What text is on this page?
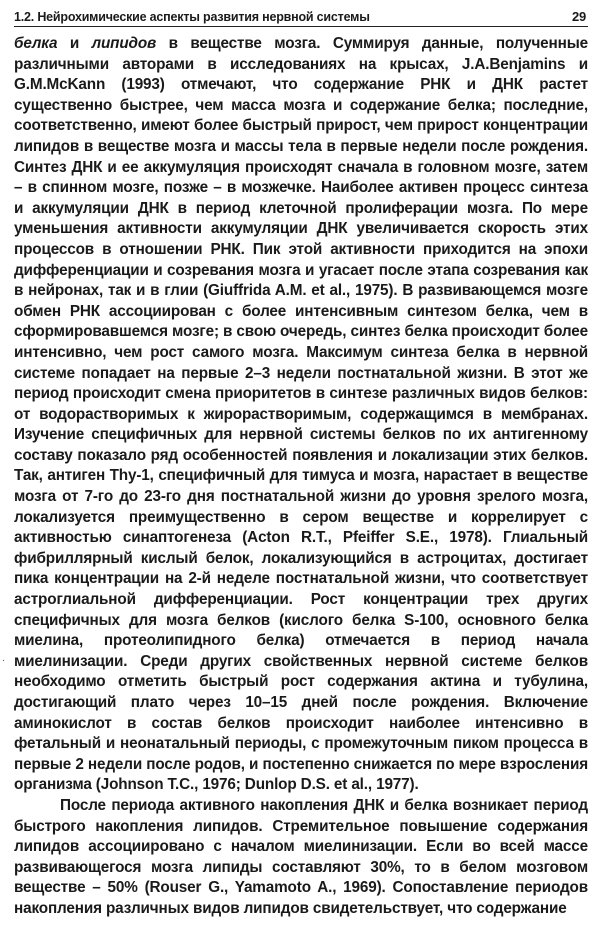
1.2. Нейрохимические аспекты развития нервной системы	29

белка и липидов в веществе мозга. Суммируя данные, полученные различными авторами в исследованиях на крысах, J.A.Benjamins и G.M.McKann (1993) отмечают, что содержание РНК и ДНК растет существенно быстрее, чем масса мозга и содержание белка; последние, соответственно, имеют более быстрый прирост, чем прирост концентрации липидов в веществе мозга и массы тела в первые недели после рождения. Синтез ДНК и ее аккумуляция происходят сначала в головном мозге, затем – в спинном мозге, позже – в мозжечке. Наиболее активен процесс синтеза и аккумуляции ДНК в период клеточной пролиферации мозга. По мере уменьшения активности аккумуляции ДНК увеличивается скорость этих процессов в отношении РНК. Пик этой активности приходится на эпохи дифференциации и созревания мозга и угасает после этапа созревания как в нейронах, так и в глии (Giuffrida A.M. et al., 1975). В развивающемся мозге обмен РНК ассоциирован с более интенсивным синтезом белка, чем в сформировавшемся мозге; в свою очередь, синтез белка происходит более интенсивно, чем рост самого мозга. Максимум синтеза белка в нервной системе попадает на первые 2–3 недели постнатальной жизни. В этот же период происходит смена приоритетов в синтезе различных видов белков: от водорастворимых к жирорастворимым, содержащимся в мембранах. Изучение специфичных для нервной системы белков по их антигенному составу показало ряд особенностей появления и локализации этих белков. Так, антиген Thy-1, специфичный для тимуса и мозга, нарастает в веществе мозга от 7-го до 23-го дня постнатальной жизни до уровня зрелого мозга, локализуется преимущественно в сером веществе и коррелирует с активностью синаптогенеза (Acton R.T., Pfeiffer S.E., 1978). Глиальный фибриллярный кислый белок, локализующийся в астроцитах, достигает пика концентрации на 2-й неделе постнатальной жизни, что соответствует астроглиальной дифференциации. Рост концентрации трех других специфичных для мозга белков (кислого белка S-100, основного белка миелина, протеолипидного белка) отмечается в период начала миелинизации. Среди других свойственных нервной системе белков необходимо отметить быстрый рост содержания актина и тубулина, достигающий плато через 10–15 дней после рождения. Включение аминокислот в состав белков происходит наиболее интенсивно в фетальный и неонатальный периоды, с промежуточным пиком процесса в первые 2 недели после родов, и постепенно снижается по мере взросления организма (Johnson T.C., 1976; Dunlop D.S. et al., 1977).

После периода активного накопления ДНК и белка возникает период быстрого накопления липидов. Стремительное повышение содержания липидов ассоциировано с началом миелинизации. Если во всей массе развивающегося мозга липиды составляют 30%, то в белом мозговом веществе – 50% (Rouser G., Yamamoto A., 1969). Сопоставление периодов накопления различных видов липидов свидетельствует, что содержание

·
